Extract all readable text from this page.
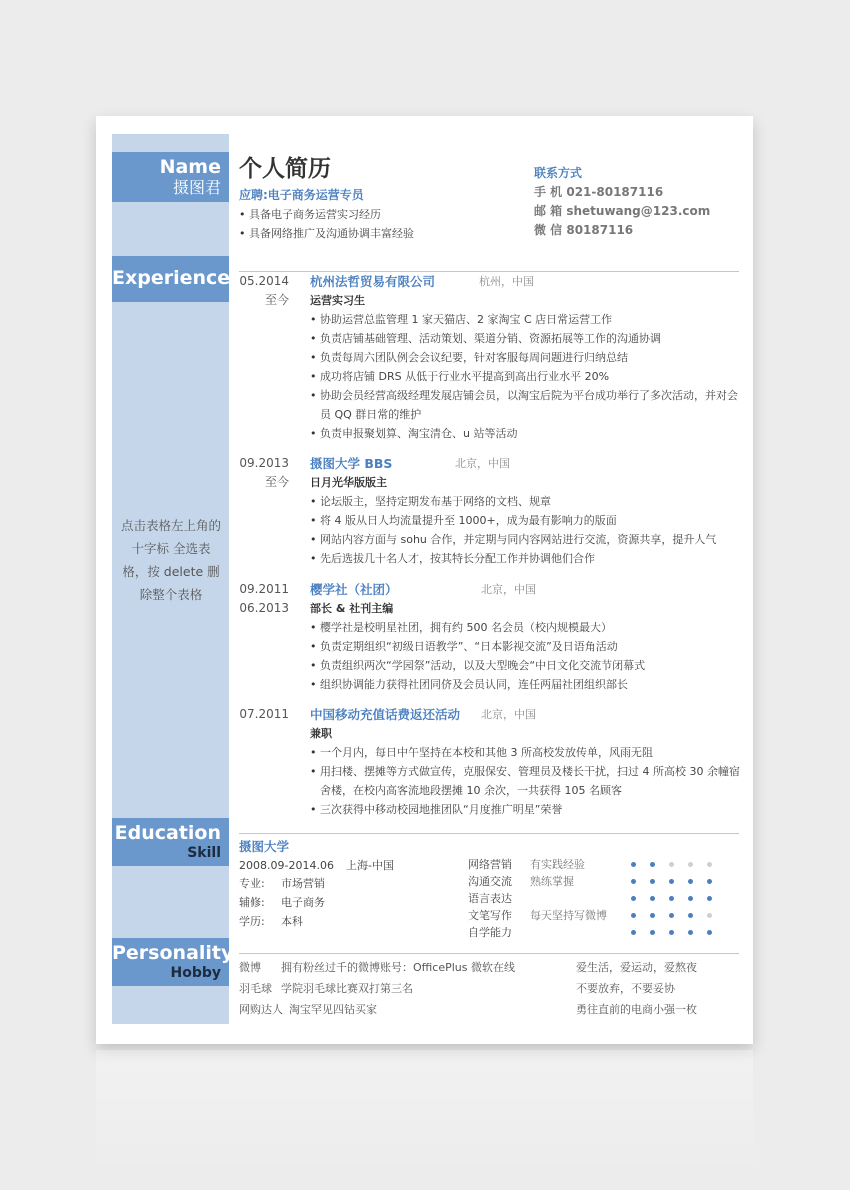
Name
摄图君
Experience
点击表格左上角的 十字标 全选表格，按 delete 删除整个表格
Education
Skill
Personality
Hobby
个人简历
应聘:电子商务运营专员
• 具备电子商务运营实习经历
• 具备网络推广及沟通协调丰富经验
联系方式
手 机 021-80187116
邮 箱 shetuwang@123.com
微 信 80187116
05.2014
至今
杭州法哲贸易有限公司	杭州，中国
运营实习生
• 协助运营总监管理 1 家天猫店、2 家淘宝 C 店日常运营工作
• 负责店铺基础管理、活动策划、渠道分销、资源拓展等工作的沟通协调
• 负责每周六团队例会会议纪要，针对客服每周问题进行归纳总结
• 成功将店铺 DRS 从低于行业水平提高到高出行业水平 20%
• 协助会员经营高级经理发展店铺会员，以淘宝后院为平台成功举行了多次活动，并对会员 QQ 群日常的维护
• 负责申报聚划算、淘宝清仓、u 站等活动
09.2013
至今
摄图大学 BBS	北京，中国
日月光华版版主
• 论坛版主，坚持定期发布基于网络的文档、规章
• 将 4 版从日人均流量提升至 1000+，成为最有影响力的版面
• 网站内容方面与 sohu 合作，并定期与同内容网站进行交流，资源共享，提升人气
• 先后选拔几十名人才，按其特长分配工作并协调他们合作
09.2011
06.2013
樱学社（社团）	北京，中国
部长 & 社刊主编
• 樱学社是校明星社团，拥有约 500 名会员（校内规模最大）
• 负责定期组织“初级日语教学”、“日本影视交流”及日语角活动
• 负责组织两次“学园祭”活动，以及大型晚会“中日文化交流节闭幕式
• 组织协调能力获得社团同侪及会员认同，连任两届社团组织部长
07.2011 中国移动充值话费返还活动 北京，中国
兼职
• 一个月内，每日中午坚持在本校和其他 3 所高校发放传单，风雨无阻
• 用扫楼、摆摊等方式做宣传，克服保安、管理员及楼长干扰，扫过 4 所高校 30 余幢宿舍楼，在校内高客流地段摆摊 10 余次，一共获得 105 名顾客
• 三次获得中移动校园地推团队“月度推广明星”荣誉
摄图大学
2008.09-2014.06 上海-中国
专业: 市场营销
辅修: 电子商务
学历: 本科
网络营销 有实践经验
沟通交流 熟练掌握
语言表达
文笔写作 每天坚持写微博
自学能力
微博 拥有粉丝过千的微博账号：OfficePlus 微软在线	爱生活，爱运动，爱熬夜
羽毛球 学院羽毛球比赛双打第三名	不要放弃，不要妥协
网购达人 淘宝罕见四钻买家	勇往直前的电商小强一枚
